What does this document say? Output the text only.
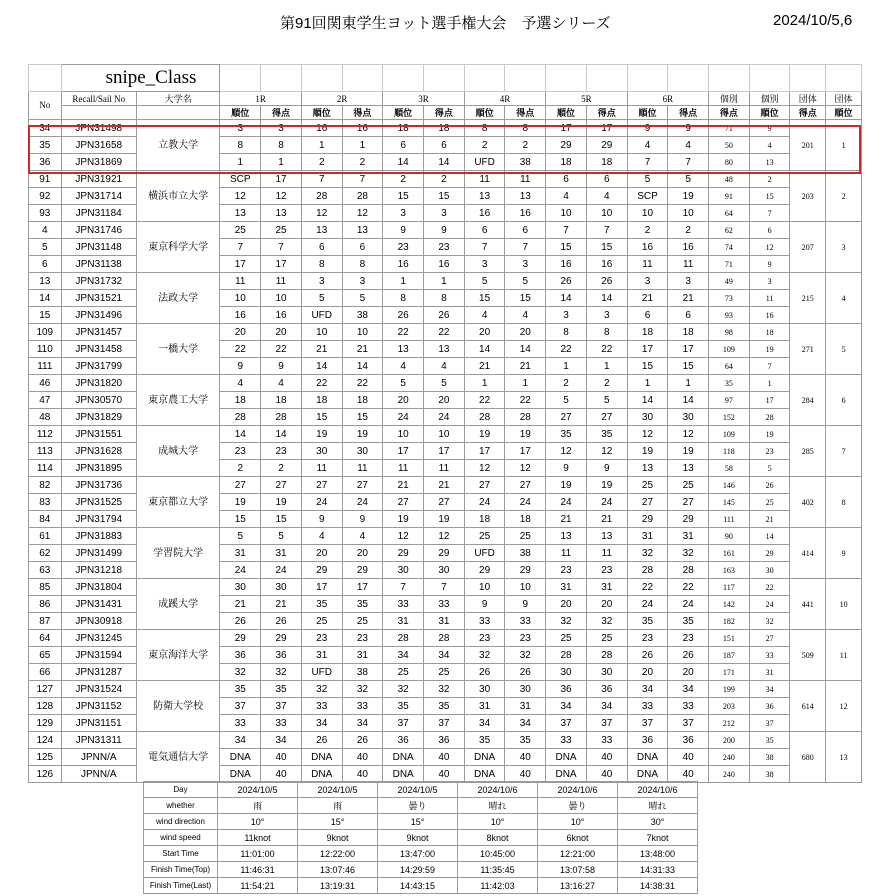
第91回関東学生ヨット選手権大会　予選シリーズ	2024/10/5,6
	snipe_Class																	
No	Recall/Sail No	大学名	1R		2R		3R		4R		5R		6R		個別	個別	団体	団体
			順位	得点	順位	得点	順位	得点	順位	得点	順位	得点	順位	得点	得点	順位	得点	順位
34	JPN31498	立教大学	3	3	16	16	18	18	8	8	17	17	9	9	71	9	201	1
35	JPN31658		8	8	1	1	6	6	2	2	29	29	4	4	50	4		
36	JPN31869		1	1	2	2	14	14	UFD	38	18	18	7	7	80	13		
91	JPN31921	横浜市立大学	SCP	17	7	7	2	2	11	11	6	6	5	5	48	2	203	2
92	JPN31714		12	12	28	28	15	15	13	13	4	4	SCP	19	91	15		
93	JPN31184		13	13	12	12	3	3	16	16	10	10	10	10	64	7		
4	JPN31746	東京科学大学	25	25	13	13	9	9	6	6	7	7	2	2	62	6	207	3
5	JPN31148		7	7	6	6	23	23	7	7	15	15	16	16	74	12		
6	JPN31138		17	17	8	8	16	16	3	3	16	16	11	11	71	9		
13	JPN31732	法政大学	11	11	3	3	1	1	5	5	26	26	3	3	49	3	215	4
14	JPN31521		10	10	5	5	8	8	15	15	14	14	21	21	73	11		
15	JPN31496		16	16	UFD	38	26	26	4	4	3	3	6	6	93	16		
109	JPN31457	一橋大学	20	20	10	10	22	22	20	20	8	8	18	18	98	18	271	5
110	JPN31458		22	22	21	21	13	13	14	14	22	22	17	17	109	19		
111	JPN31799		9	9	14	14	4	4	21	21	1	1	15	15	64	7		
46	JPN31820	東京農工大学	4	4	22	22	5	5	1	1	2	2	1	1	35	1	284	6
47	JPN30570		18	18	18	18	20	20	22	22	5	5	14	14	97	17		
48	JPN31829		28	28	15	15	24	24	28	28	27	27	30	30	152	28		
112	JPN31551	成城大学	14	14	19	19	10	10	19	19	35	35	12	12	109	19	285	7
113	JPN31628		23	23	30	30	17	17	17	17	12	12	19	19	118	23		
114	JPN31895		2	2	11	11	11	11	12	12	9	9	13	13	58	5		
82	JPN31736	東京都立大学	27	27	27	27	21	21	27	27	19	19	25	25	146	26	402	8
83	JPN31525		19	19	24	24	27	27	24	24	24	24	27	27	145	25		
84	JPN31794		15	15	9	9	19	19	18	18	21	21	29	29	111	21		
61	JPN31883	学習院大学	5	5	4	4	12	12	25	25	13	13	31	31	90	14	414	9
62	JPN31499		31	31	20	20	29	29	UFD	38	11	11	32	32	161	29		
63	JPN31218		24	24	29	29	30	30	29	29	23	23	28	28	163	30		
85	JPN31804	成蹊大学	30	30	17	17	7	7	10	10	31	31	22	22	117	22	441	10
86	JPN31431		21	21	35	35	33	33	9	9	20	20	24	24	142	24		
87	JPN30918		26	26	25	25	31	31	33	33	32	32	35	35	182	32		
64	JPN31245	東京海洋大学	29	29	23	23	28	28	23	23	25	25	23	23	151	27	509	11
65	JPN31594		36	36	31	31	34	34	32	32	28	28	26	26	187	33		
66	JPN31287		32	32	UFD	38	25	25	26	26	30	30	20	20	171	31		
127	JPN31524	防衛大学校	35	35	32	32	32	32	30	30	36	36	34	34	199	34	614	12
128	JPN31152		37	37	33	33	35	35	31	31	34	34	33	33	203	36		
129	JPN31151		33	33	34	34	37	37	34	34	37	37	37	37	212	37		
124	JPN31311	電気通信大学	34	34	26	26	36	36	35	35	33	33	36	36	200	35	680	13
125	JPNN/A		DNA	40	DNA	40	DNA	40	DNA	40	DNA	40	DNA	40	240	38		
126	JPNN/A		DNA	40	DNA	40	DNA	40	DNA	40	DNA	40	DNA	40	240	38		
Day	2024/10/5	2024/10/5	2024/10/5	2024/10/6	2024/10/6	2024/10/6
whether	雨	雨	曇り	晴れ	曇り	晴れ
wind direction	10°	15°	15°	10°	10°	30°
wind speed	11knot	9knot	9knot	8knot	6knot	7knot
Start Time	11:01:00	12:22:00	13:47:00	10:45:00	12:21:00	13:48:00
Finish Time(Top)	11:46:31	13:07:46	14:29:59	11:35:45	13:07:58	14:31:33
Finish Time(Last)	11:54:21	13:19:31	14:43:15	11:42:03	13:16:27	14:38:31
